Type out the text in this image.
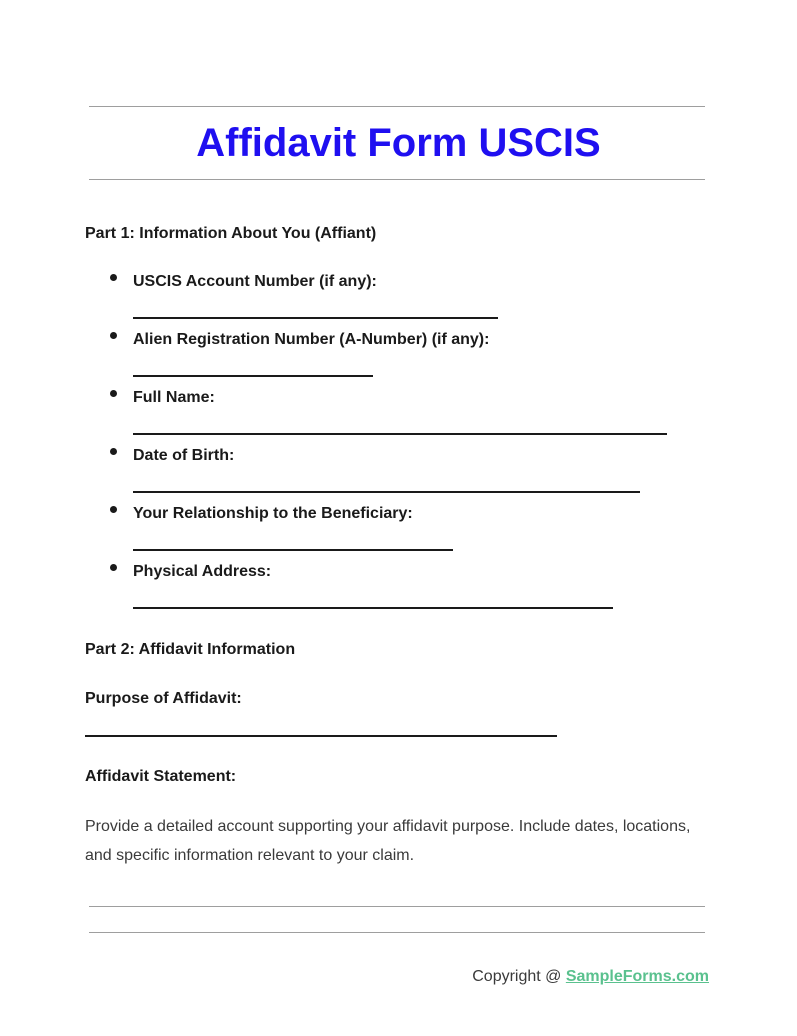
Affidavit Form USCIS
Part 1: Information About You (Affiant)
USCIS Account Number (if any):
Alien Registration Number (A-Number) (if any):
Full Name:
Date of Birth:
Your Relationship to the Beneficiary:
Physical Address:
Part 2: Affidavit Information
Purpose of Affidavit:
Affidavit Statement:

Provide a detailed account supporting your affidavit purpose. Include dates, locations, and specific information relevant to your claim.

Copyright @ SampleForms.com
